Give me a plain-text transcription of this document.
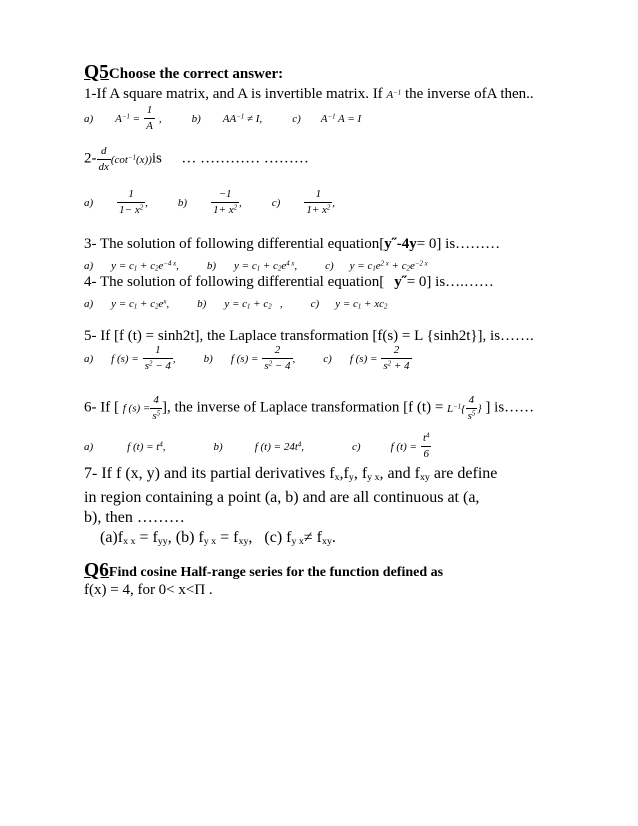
Q5Choose the correct answer:
1-If A square matrix, and A is invertible matrix. If $A^{-1}$ the inverse ofA then..
a) $A^{-1} = \frac{1}{A}$ ,	b) $AA^{-1} \ne I$,	c) $A^{-1}$ A = I
$2- \frac{d}{dx} (\cot^{-1}(x))is$ … ………… ………
$a) \frac{1}{1- x^2}$ ,	$b) \frac{-1}{1+ x^2}$ ,	$c) \frac{1}{1+ x^2}$ ,
3- The solution of following differential equation[y˝-4y= 0] is………
a) $y = c_1 + c_2e^{-4 x}$,	b) $y = c_1 + c_2e^{4 x}$,	c) $y = c_1e^{2 x} + c_2e^{-2 x}$
4- The solution of following differential equation[ y˝= 0] is….……
a) $y = c_1 + c_2e^x$,	b) $y = c_1 + c_2$   ,	c) $y = c_1 + xc_2$
5- If [f (t) = sinh2t], the Laplace transformation [f(s) = L {sinh2t}], is…….
a) f $(s) = \frac{1}{s^2 - 4}$ ,	b) f $(s) = \frac{2}{s^2 - 4}$ ,	c) f $(s) = \frac{2}{s^2 + 4}$
6- If [ f $(s) = \frac{4}{s^5}$ ], the inverse of Laplace transformation [f $(t) = L^{-1}\{ \frac{4}{s^5}$ } ] is……
a)	f $(t) = t^4$,	b)	f $(t) = 24t^4$,	c)	f $(t) = \frac{t^4}{6}$
7- If f (x, y) and its partial derivatives $f_x,f_y$, $f_{y x}$, and $f_{xy}$ are define
in region containing a point (a, b) and are all continuous at (a,
b), then ………
$(a)f_{x x} = f_{yy}$, (b) $f_{y x} = f_{xy}$,   (c) $f_{y x}\ne f_{xy}$.
Q6Find cosine Half-range series for the function defined as
f(x) = 4, for 0< x<Π .
